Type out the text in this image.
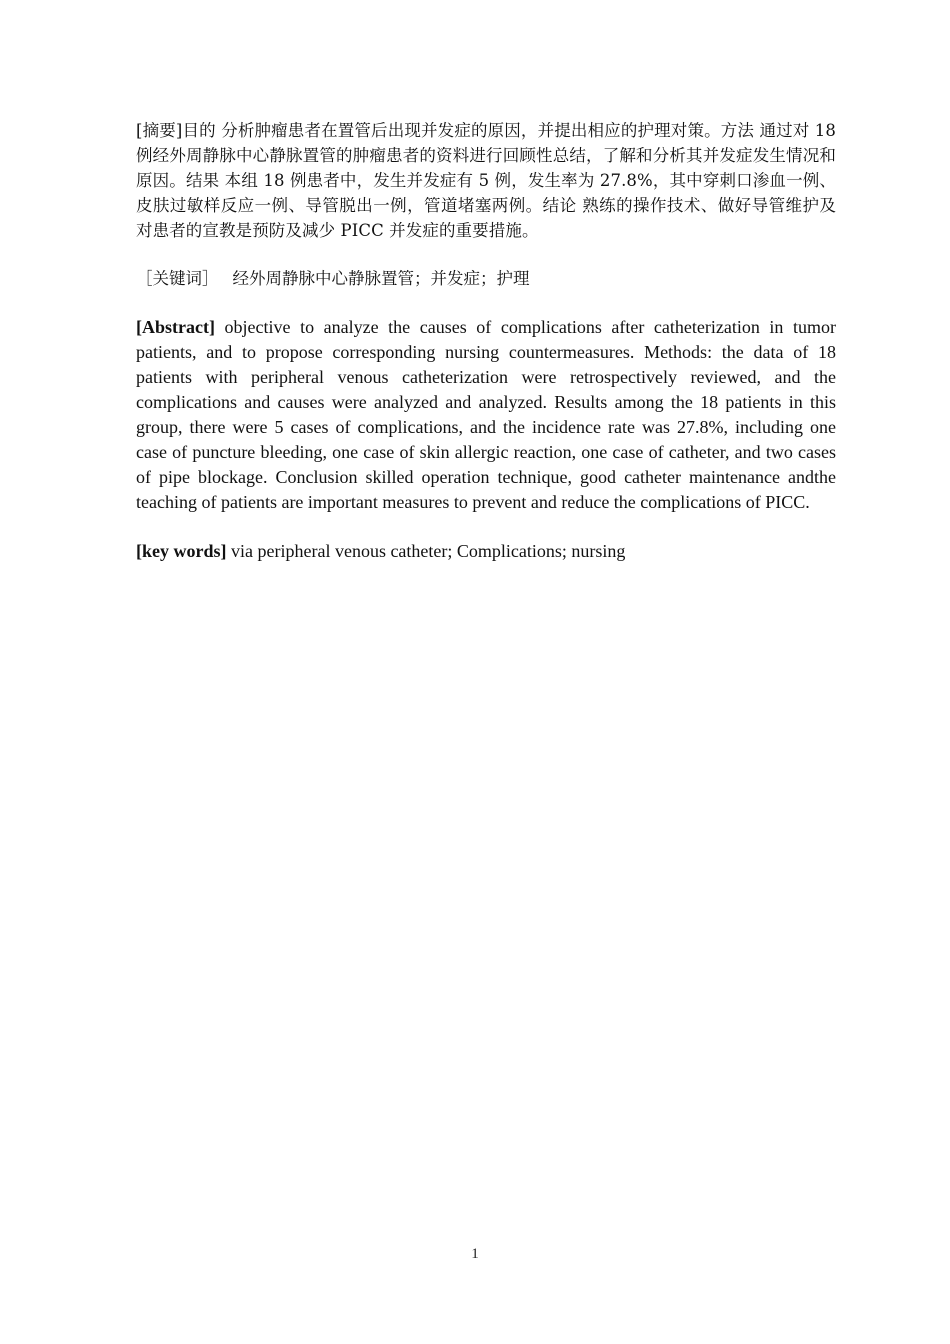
[摘要]目的 分析肿瘤患者在置管后出现并发症的原因，并提出相应的护理对策。方法 通过对 18 例经外周静脉中心静脉置管的肿瘤患者的资料进行回顾性总结，了解和分析其并发症发生情况和原因。结果 本组 18 例患者中，发生并发症有 5 例，发生率为 27.8%，其中穿刺口渗血一例、皮肤过敏样反应一例、导管脱出一例，管道堵塞两例。结论 熟练的操作技术、做好导管维护及对患者的宣教是预防及减少 PICC 并发症的重要措施。

［关键词］ 经外周静脉中心静脉置管；并发症；护理

[Abstract] objective to analyze the causes of complications after catheterization in tumor patients, and to propose corresponding nursing countermeasures. Methods: the data of 18 patients with peripheral venous catheterization were retrospectively reviewed, and the complications and causes were analyzed and analyzed. Results among the 18 patients in this group, there were 5 cases of complications, and the incidence rate was 27.8%, including one case of puncture bleeding, one case of skin allergic reaction, one case of catheter, and two cases of pipe blockage. Conclusion skilled operation technique, good catheter maintenance andthe teaching of patients are important measures to prevent and reduce the complications of PICC.

[key words] via peripheral venous catheter; Complications; nursing

1
